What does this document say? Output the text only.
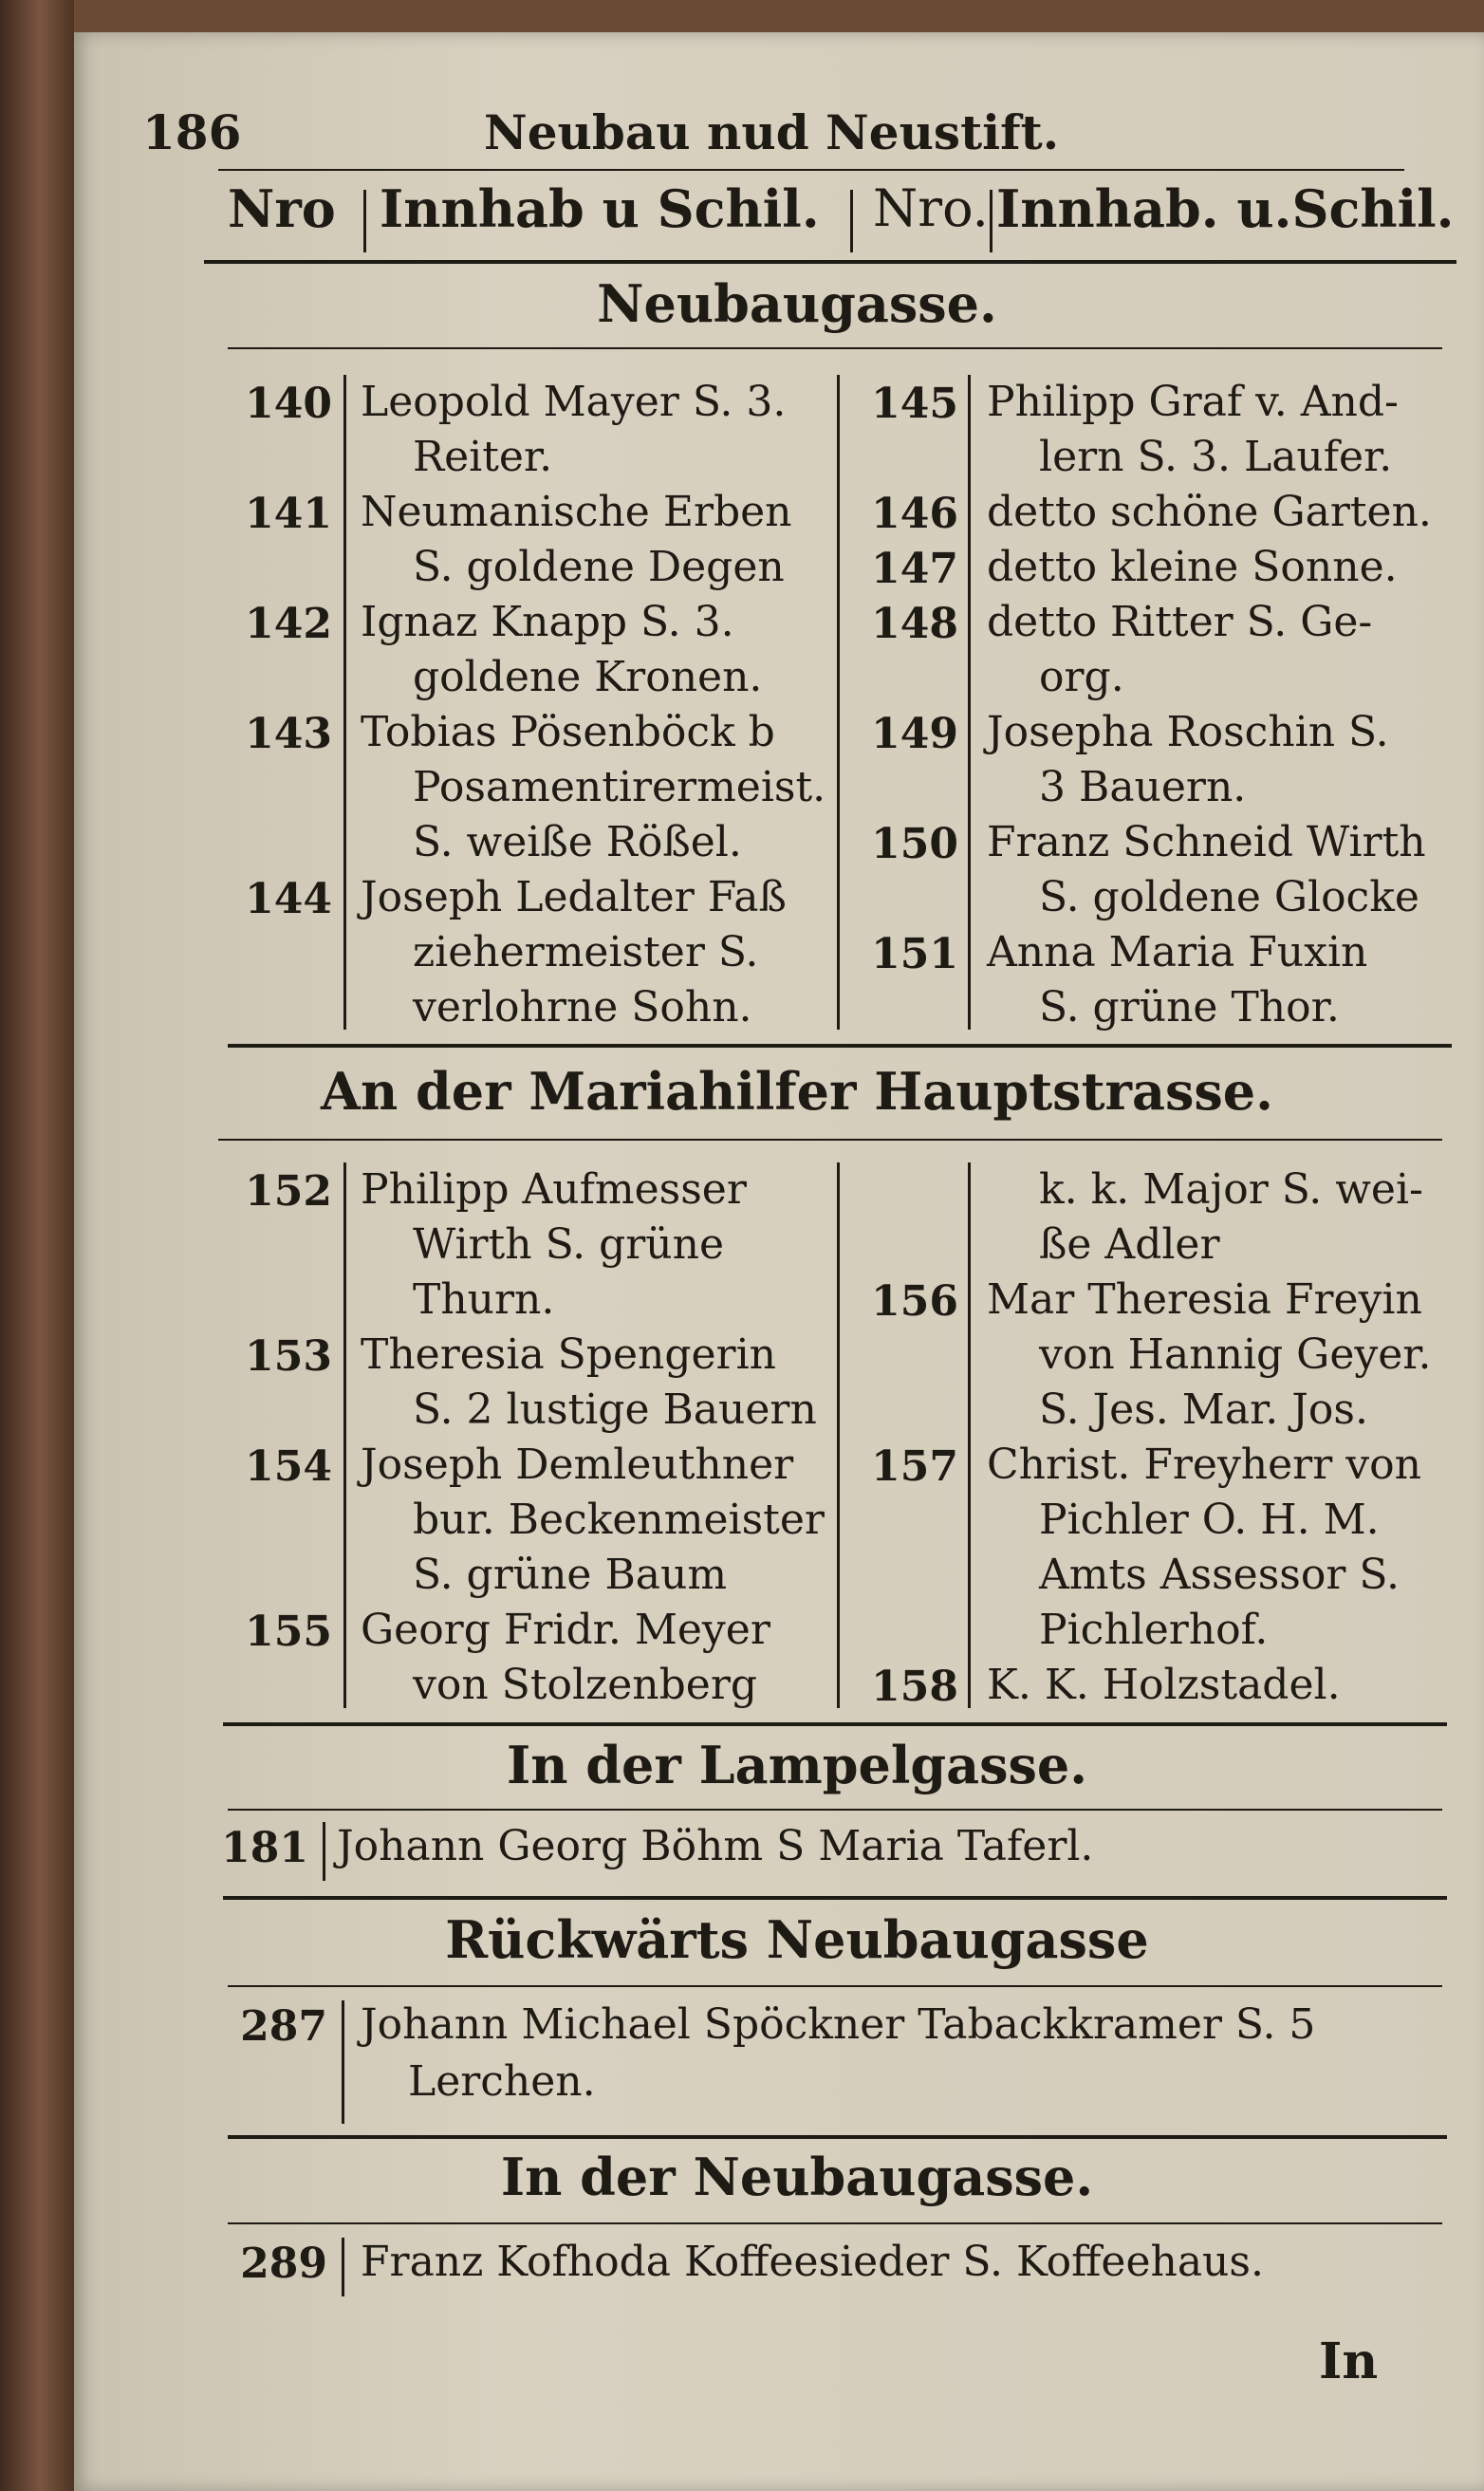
186	Neubau nud Neustift.
Nro Innhab u Schil. Nro. Innhab. u.Schil.
Neubaugasse.
140 Leopold Mayer S. 3.
Reiter.
141 Neumanische Erben
S. goldene Degen
142 Ignaz Knapp S. 3.
goldene Kronen.
143 Tobias Pösenböck b
Posamentirermeist.
S. weiße Rößel.
144 Joseph Ledalter Faß
ziehermeister S.
verlohrne Sohn.
145 Philipp Graf v. And-
lern S. 3. Laufer.
146 detto schöne Garten.
147 detto kleine Sonne.
148 detto Ritter S. Ge-
org.
149 Josepha Roschin S.
3 Bauern.
150 Franz Schneid Wirth
S. goldene Glocke
151 Anna Maria Fuxin
S. grüne Thor.
An der Mariahilfer Hauptstrasse.
152 Philipp Aufmesser
Wirth S. grüne
Thurn.
153 Theresia Spengerin
S. 2 lustige Bauern
154 Joseph Demleuthner
bur. Beckenmeister
S. grüne Baum
155 Georg Fridr. Meyer
von Stolzenberg
k. k. Major S. wei-
ße Adler
156 Mar Theresia Freyin
von Hannig Geyer.
S. Jes. Mar. Jos.
157 Christ. Freyherr von
Pichler O. H. M.
Amts Assessor S.
Pichlerhof.
158 K. K. Holzstadel.
In der Lampelgasse.
181 Johann Georg Böhm S Maria Taferl.
Rückwärts Neubaugasse
287 Johann Michael Spöckner Tabackkramer S. 5
Lerchen.
In der Neubaugasse.
289 Franz Kofhoda Koffeesieder S. Koffeehaus.
In
